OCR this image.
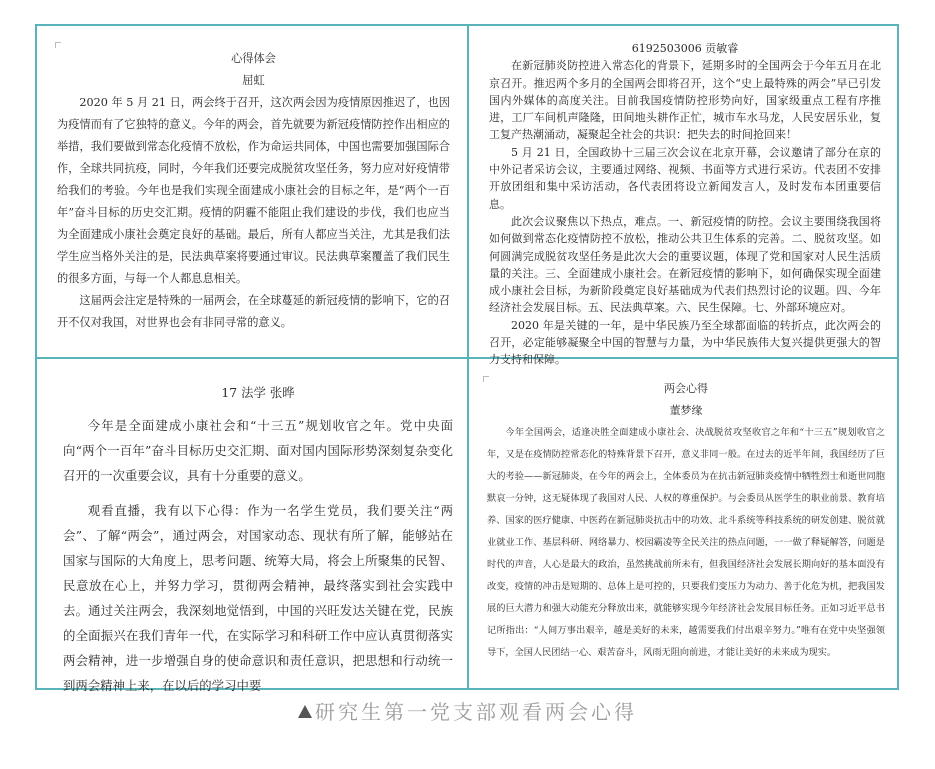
心得体会

屈虹

2020 年 5 月 21 日，两会终于召开，这次两会因为疫情原因推迟了，也因为疫情而有了它独特的意义。今年的两会，首先就要为新冠疫情防控作出相应的举措，我们要做到常态化疫情不放松，作为命运共同体，中国也需要加强国际合作，全球共同抗疫，同时，今年我们还要完成脱贫攻坚任务，努力应对好疫情带给我们的考验。今年也是我们实现全面建成小康社会的目标之年，是“两个一百年”奋斗目标的历史交汇期。疫情的阴霾不能阻止我们建设的步伐，我们也应当为全面建成小康社会奠定良好的基础。最后，所有人都应当关注，尤其是我们法学生应当格外关注的是，民法典草案将要通过审议。民法典草案覆盖了我们民生的很多方面，与每一个人都息息相关。

这届两会注定是特殊的一届两会，在全球蔓延的新冠疫情的影响下，它的召开不仅对我国，对世界也会有非同寻常的意义。

6192503006 贡敏睿

在新冠肺炎防控进入常态化的背景下，延期多时的全国两会于今年五月在北京召开。推迟两个多月的全国两会即将召开，这个“史上最特殊的两会”早已引发国内外媒体的高度关注。目前我国疫情防控形势向好，国家级重点工程有序推进，工厂车间机声隆隆，田间地头耕作正忙，城市车水马龙，人民安居乐业，复工复产热潮涌动，凝聚起全社会的共识：把失去的时间抢回来！

5 月 21 日，全国政协十三届三次会议在北京开幕，会议邀请了部分在京的中外记者采访会议，主要通过网络、视频、书面等方式进行采访。代表团不安排开放团组和集中采访活动，各代表团将设立新闻发言人，及时发布本团重要信息。

此次会议聚焦以下热点，难点。一、新冠疫情的防控。会议主要围绕我国将如何做到常态化疫情防控不放松，推动公共卫生体系的完善。二、脱贫攻坚。如何圆满完成脱贫攻坚任务是此次大会的重要议题，体现了党和国家对人民生活质量的关注。三、全面建成小康社会。在新冠疫情的影响下，如何确保实现全面建成小康社会目标，为新阶段奠定良好基础成为代表们热烈讨论的议题。四、今年经济社会发展目标。五、民法典草案。六、民生保障。七、外部环境应对。

2020 年是关键的一年，是中华民族乃至全球都面临的转折点，此次两会的召开，必定能够凝聚全中国的智慧与力量，为中华民族伟大复兴提供更强大的智力支持和保障。

17 法学 张晔

今年是全面建成小康社会和“十三五”规划收官之年。党中央面向“两个一百年”奋斗目标历史交汇期、面对国内国际形势深刻复杂变化召开的一次重要会议，具有十分重要的意义。

观看直播，我有以下心得：作为一名学生党员，我们要关注“两会”、了解“两会”，通过两会，对国家动态、现状有所了解，能够站在国家与国际的大角度上，思考问题、统筹大局，将会上所聚集的民智、民意放在心上，并努力学习，贯彻两会精神，最终落实到社会实践中去。通过关注两会，我深刻地觉悟到，中国的兴旺发达关键在党，民族的全面振兴在我们青年一代，在实际学习和科研工作中应认真贯彻落实两会精神，进一步增强自身的使命意识和责任意识，把思想和行动统一到两会精神上来，在以后的学习中要

两会心得

董梦缘

今年全国两会，适逢决胜全面建成小康社会、决战脱贫攻坚收官之年和“十三五”规划收官之年，又是在疫情防控常态化的特殊背景下召开，意义非同一般。在过去的近半年间，我国经历了巨大的考验——新冠肺炎，在今年的两会上，全体委员为在抗击新冠肺炎疫情中牺牲烈士和逝世同胞默哀一分钟，这无疑体现了我国对人民、人权的尊重保护。与会委员从医学生的职业前景、教育培养、国家的医疗健康、中医药在新冠肺炎抗击中的功效、北斗系统等科技系统的研发创建、脱贫就业就业工作、基层科研、网络暴力、校园霸凌等全民关注的热点问题，一一做了释疑解答，问题是时代的声音，人心是最大的政治，虽然挑战前所未有，但我国经济社会发展长期向好的基本面没有改变，疫情的冲击是短期的、总体上是可控的，只要我们变压力为动力、善于化危为机，把我国发展的巨大潜力和强大动能充分释放出来，就能够实现今年经济社会发展目标任务。正如习近平总书记所指出：“人间万事出艰辛，越是美好的未来，越需要我们付出艰辛努力。”唯有在党中央坚强领导下，全国人民团结一心、艰苦奋斗，风雨无阻向前进，才能让美好的未来成为现实。

研究生第一党支部观看两会心得
